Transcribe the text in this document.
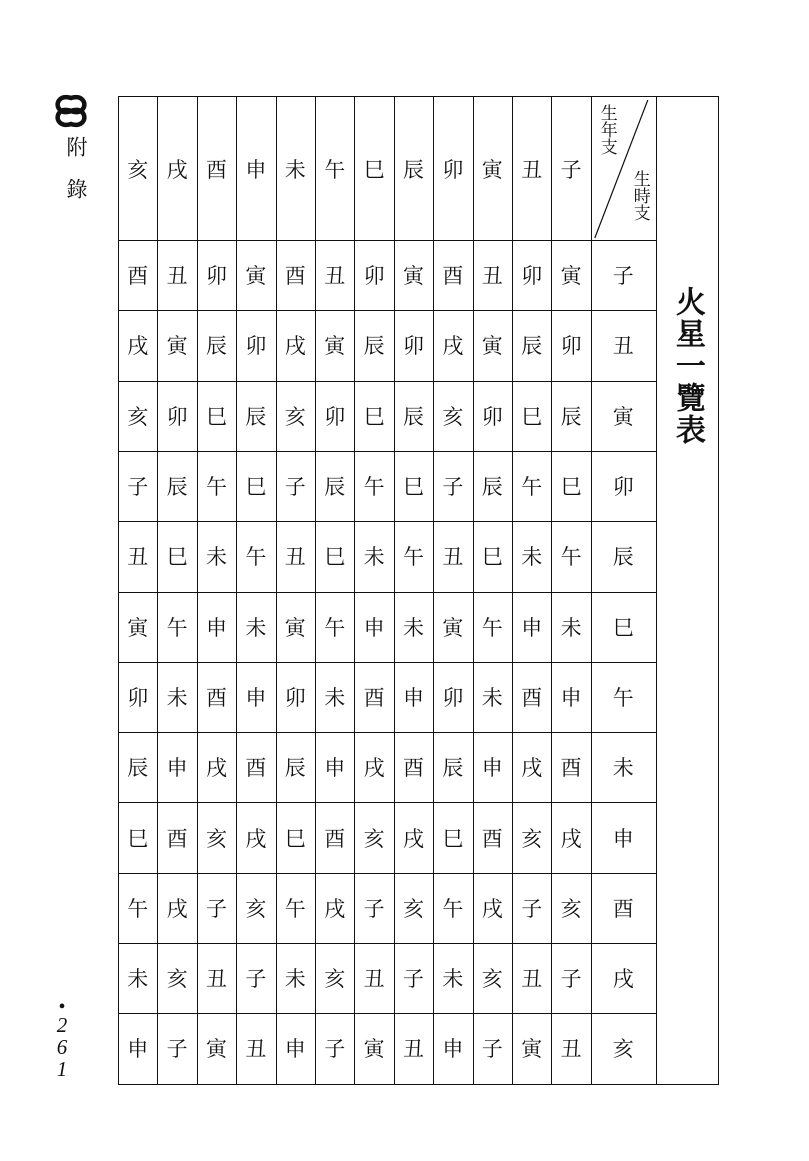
附
錄
•
2
6
1
亥 戌 酉 申 未 午 巳 辰 卯 寅 丑 子
酉 丑 卯 寅 酉 丑 卯 寅 酉 丑 卯 寅	子
戌 寅 辰 卯 戌 寅 辰 卯 戌 寅 辰 卯	丑
亥 卯 巳 辰 亥 卯 巳 辰 亥 卯 巳 辰	寅
子 辰 午 巳 子 辰 午 巳 子 辰 午 巳	卯
丑 巳 未 午 丑 巳 未 午 丑 巳 未 午	辰
寅 午 申 未 寅 午 申 未 寅 午 申 未	巳
卯 未 酉 申 卯 未 酉 申 卯 未 酉 申	午
辰 申 戌 酉 辰 申 戌 酉 辰 申 戌 酉	未
巳 酉 亥 戌 巳 酉 亥 戌 巳 酉 亥 戌	申
午 戌 子 亥 午 戌 子 亥 午 戌 子 亥	酉
未 亥 丑 子 未 亥 丑 子 未 亥 丑 子	戌
申 子 寅 丑 申 子 寅 丑 申 子 寅 丑	亥
生年支
生時支
火星一覽表
